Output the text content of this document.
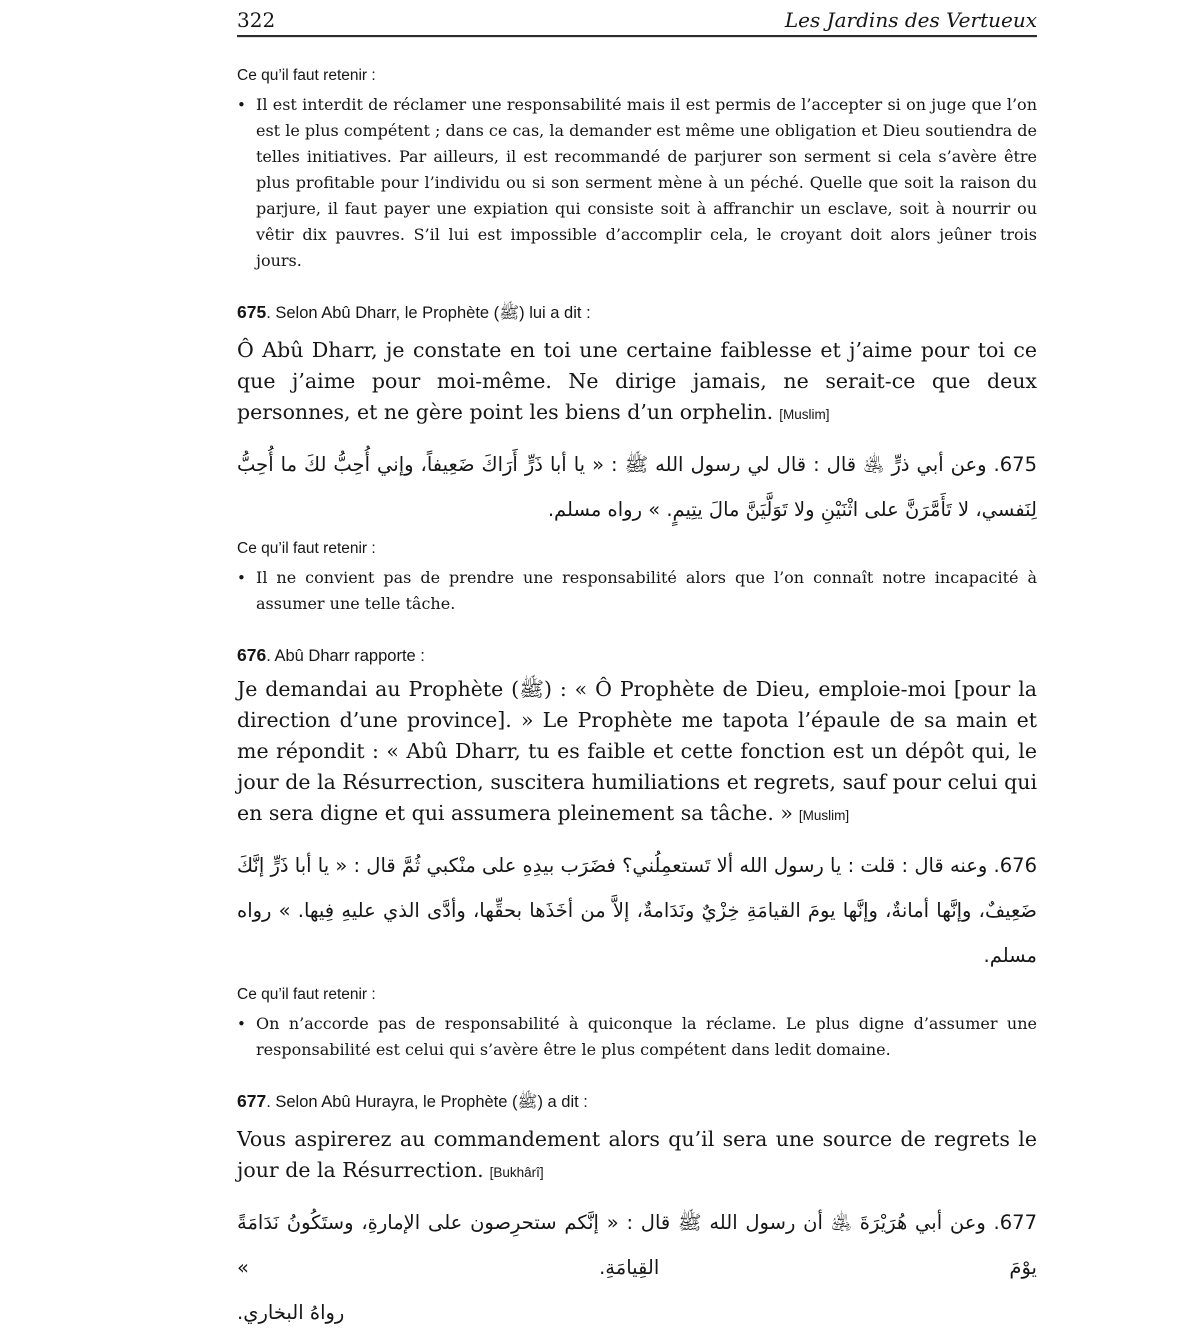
322	Les Jardins des Vertueux

Ce qu’il faut retenir :

• Il est interdit de réclamer une responsabilité mais il est permis de l’accepter si on juge que l’on est le plus compétent ; dans ce cas, la demander est même une obligation et Dieu soutiendra de telles initiatives. Par ailleurs, il est recommandé de parjurer son serment si cela s’avère être plus profitable pour l’individu ou si son serment mène à un péché. Quelle que soit la raison du parjure, il faut payer une expiation qui consiste soit à affranchir un esclave, soit à nourrir ou vêtir dix pauvres. S’il lui est impossible d’accomplir cela, le croyant doit alors jeûner trois jours.
675. Selon Abû Dharr, le Prophète (ﷺ) lui a dit :

Ô Abû Dharr, je constate en toi une certaine faiblesse et j’aime pour toi ce que j’aime pour moi-même. Ne dirige jamais, ne serait-ce que deux personnes, et ne gère point les biens d’un orphelin. [Muslim]

675. وعن أبي ذرٍّ ﵁ قال : قال لي رسول الله ﷺ : « يا أبا ذَرٍّ أَرَاكَ ضَعِيفاً، وإني أُحِبُّ لكَ ما أُحِبُّ لِنَفسي، لا تَأَمَّرَنَّ على اثْنَيْنِ ولا تَوَلَّيَنَّ مالَ يتِيمٍ. » رواه مسلم.

Ce qu’il faut retenir :

• Il ne convient pas de prendre une responsabilité alors que l’on connaît notre incapacité à assumer une telle tâche.
676. Abû Dharr rapporte :

Je demandai au Prophète (ﷺ) : « Ô Prophète de Dieu, emploie-moi [pour la direction d’une province]. » Le Prophète me tapota l’épaule de sa main et me répondit : « Abû Dharr, tu es faible et cette fonction est un dépôt qui, le jour de la Résurrection, suscitera humiliations et regrets, sauf pour celui qui en sera digne et qui assumera pleinement sa tâche. » [Muslim]

676. وعنه قال : قلت : يا رسول الله ألا تَستعمِلُني؟ فضَرَب بيدِهِ على منْكبي ثُمَّ قال : « يا أبا ذَرٍّ إنَّكَ ضَعِيفٌ، وإنَّها أمانةٌ، وإنَّها يومَ القيامَةِ خِزْيٌ ونَدَامةٌ، إلاَّ من أخَذَها بحقِّها، وأدَّى الذي عليهِ فِيها. » رواه مسلم.

Ce qu’il faut retenir :

• On n’accorde pas de responsabilité à quiconque la réclame. Le plus digne d’assumer une responsabilité est celui qui s’avère être le plus compétent dans ledit domaine.
677. Selon Abû Hurayra, le Prophète (ﷺ) a dit :

Vous aspirerez au commandement alors qu’il sera une source de regrets le jour de la Résurrection. [Bukhârî]

677. وعن أبي هُرَيْرَةَ ﵁ أن رسول الله ﷺ قال : « إنَّكم ستحرِصون على الإمارةِ، وستَكُونُ نَدَامَةً يوْمَ القِيامَةِ. »

رواهُ البخاري.
